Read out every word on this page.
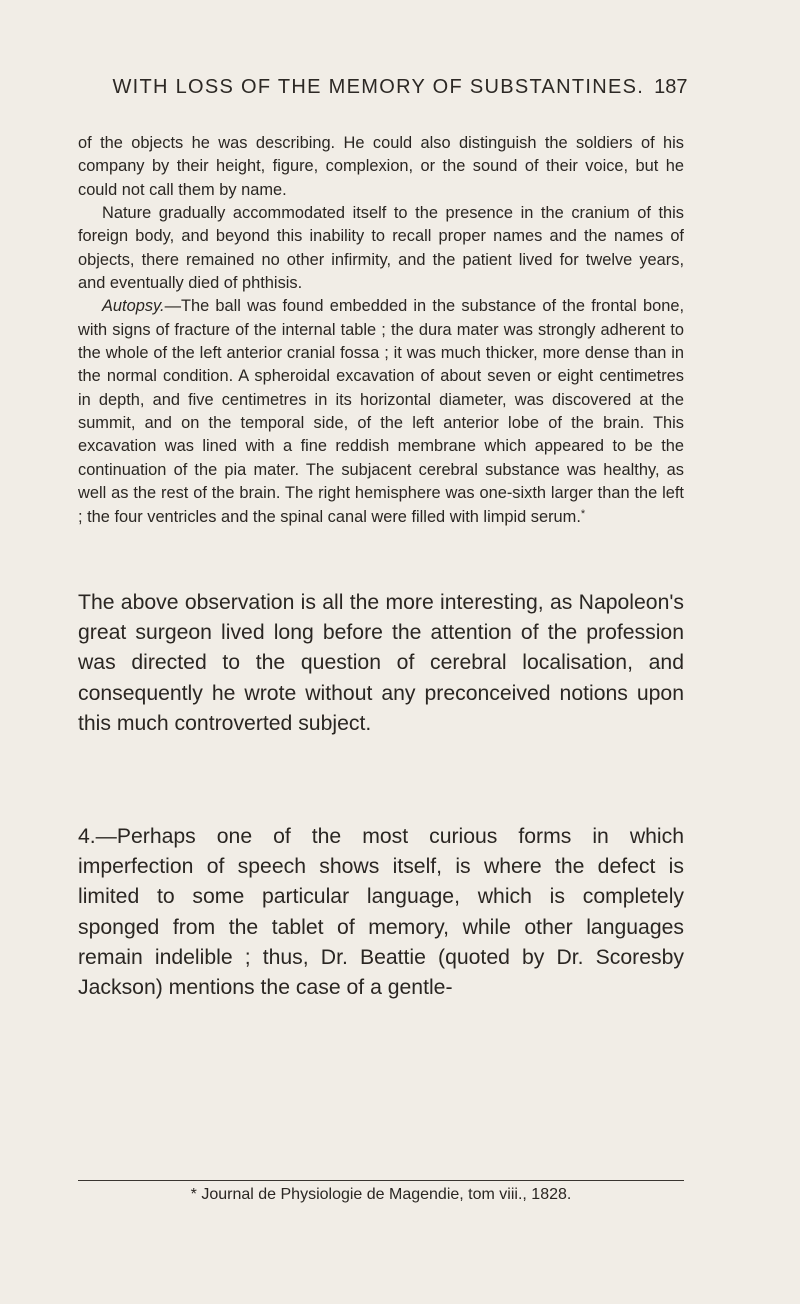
WITH LOSS OF THE MEMORY OF SUBSTANTINES. 187

of the objects he was describing. He could also distinguish the soldiers of his company by their height, figure, complexion, or the sound of their voice, but he could not call them by name.

Nature gradually accommodated itself to the presence in the cranium of this foreign body, and beyond this inability to recall proper names and the names of objects, there remained no other infirmity, and the patient lived for twelve years, and eventually died of phthisis.

Autopsy.—The ball was found embedded in the substance of the frontal bone, with signs of fracture of the internal table ; the dura mater was strongly adherent to the whole of the left anterior cranial fossa ; it was much thicker, more dense than in the normal condition. A spheroidal excavation of about seven or eight centimetres in depth, and five centimetres in its horizontal diameter, was discovered at the summit, and on the temporal side, of the left anterior lobe of the brain. This excavation was lined with a fine reddish membrane which appeared to be the continuation of the pia mater. The subjacent cerebral substance was healthy, as well as the rest of the brain. The right hemisphere was one-sixth larger than the left ; the four ventricles and the spinal canal were filled with limpid serum.*

The above observation is all the more interesting, as Napoleon's great surgeon lived long before the attention of the profession was directed to the question of cerebral localisation, and consequently he wrote without any preconceived notions upon this much controverted subject.

4.—Perhaps one of the most curious forms in which imperfection of speech shows itself, is where the defect is limited to some particular language, which is completely sponged from the tablet of memory, while other languages remain indelible ; thus, Dr. Beattie (quoted by Dr. Scoresby Jackson) mentions the case of a gentle-

* Journal de Physiologie de Magendie, tom viii., 1828.
